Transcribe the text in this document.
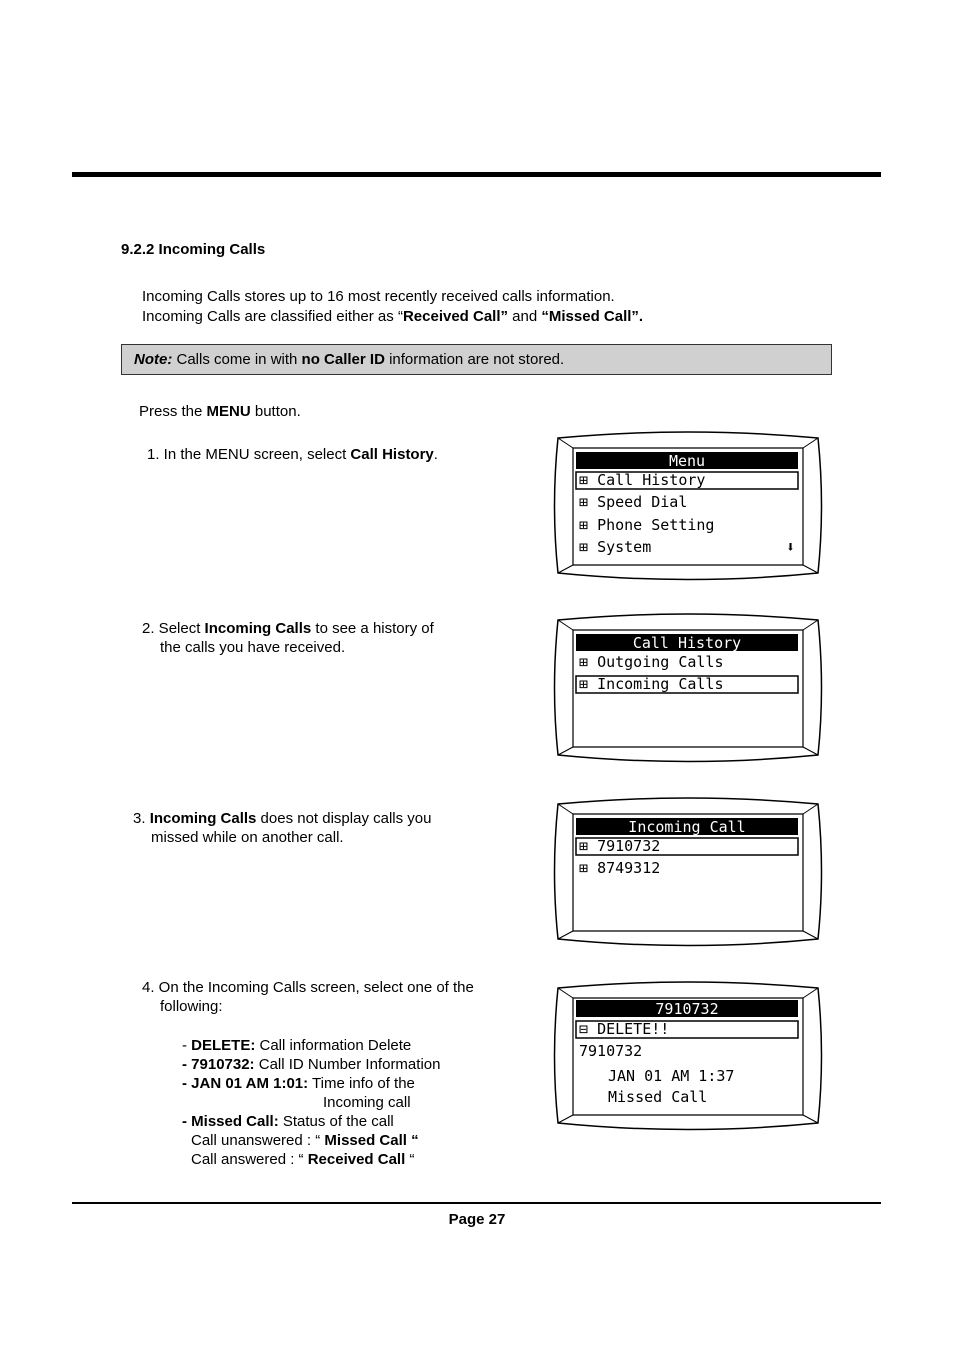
9.2.2 Incoming Calls
Incoming Calls stores up to 16 most recently received calls information.
Incoming Calls are classified either as “Received Call” and “Missed Call”.
Note: Calls come in with no Caller ID information are not stored.
Press the MENU button.
1. In the MENU screen, select Call History.
2. Select Incoming Calls to see a history of
the calls you have received.
3. Incoming Calls does not display calls you
missed while on another call.
4. On the Incoming Calls screen, select one of the
following:
- DELETE: Call information Delete
- 7910732: Call ID Number Information
- JAN 01 AM 1:01: Time info of the
Incoming call
- Missed Call: Status of the call
Call unanswered : “ Missed Call “
Call answered : “ Received Call “
Menu
⊞ Call History
⊞ Speed Dial
⊞ Phone Setting
⊞ System	⬇
Call History
⊞ Outgoing Calls
⊞ Incoming Calls
Incoming Call
⊞ 7910732
⊞ 8749312
7910732
⊟ DELETE!!
7910732
JAN 01 AM 1:37
Missed Call
Page 27
